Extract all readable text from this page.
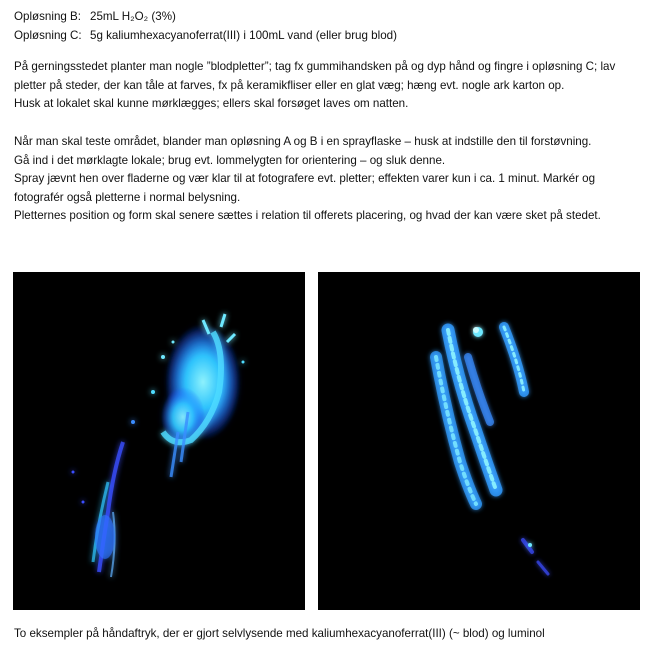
Opløsning B: 25mL H₂O₂ (3%)
Opløsning C: 5g kaliumhexacyanoferrat(III) i 100mL vand (eller brug blod)
På gerningsstedet planter man nogle ”blodpletter”; tag fx gummihandsken på og dyp hånd og fingre i opløsning C; lav
pletter på steder, der kan tåle at farves, fx på keramikfliser eller en glat væg; hæng evt. nogle ark karton op.
Husk at lokalet skal kunne mørklægges; ellers skal forsøget laves om natten.
Når man skal teste området, blander man opløsning A og B i en sprayflaske – husk at indstille den til forstøvning.
Gå ind i det mørklagte lokale; brug evt. lommelygten for orientering – og sluk denne.
Spray jævnt hen over fladerne og vær klar til at fotografere evt. pletter; effekten varer kun i ca. 1 minut. Markér og
fotografér også pletterne i normal belysning.
Pletternes position og form skal senere sættes i relation til offerets placering, og hvad der kan være sket på stedet.
To eksempler på håndaftryk, der er gjort selvlysende med kaliumhexacyanoferrat(III) (~ blod) og luminol
